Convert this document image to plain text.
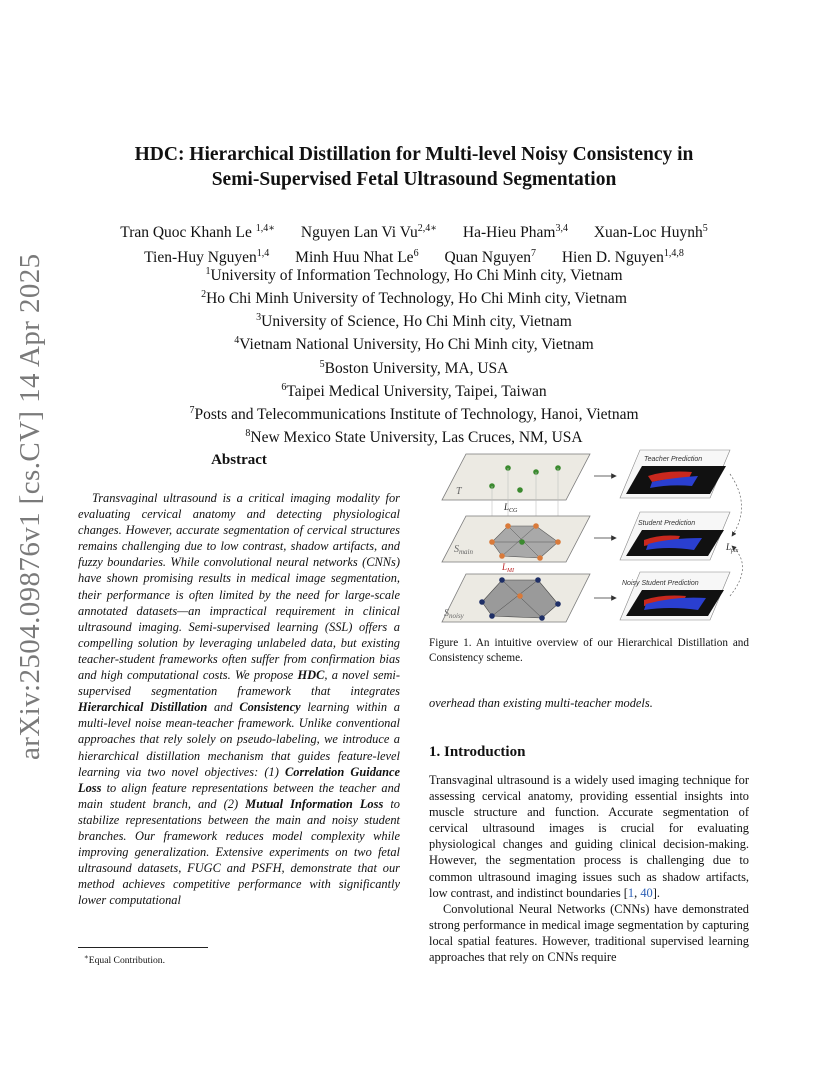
arXiv:2504.09876v1 [cs.CV] 14 Apr 2025
HDC: Hierarchical Distillation for Multi-level Noisy Consistency in
Semi-Supervised Fetal Ultrasound Segmentation
Tran Quoc Khanh Le $^{1,4∗}$ Nguyen Lan Vi $Vu^{2,4∗}$ Ha-Hieu Pham$^{3,4}$ Xuan-Loc Huynh$^5$
Tien-Huy Nguyen$^{1,4}$ Minh Huu Nhat Le$^6$ Quan Nguyen$^7$ Hien D. Nguyen$^{1,4,8}$
$^1$University of Information Technology, Ho Chi Minh city, Vietnam
$^2$Ho Chi Minh University of Technology, Ho Chi Minh city, Vietnam
$^3$University of Science, Ho Chi Minh city, Vietnam
$^4$Vietnam National University, Ho Chi Minh city, Vietnam
$^5$Boston University, MA, USA
$^6$Taipei Medical University, Taipei, Taiwan
$^7$Posts and Telecommunications Institute of Technology, Hanoi, Vietnam
$^8$New Mexico State University, Las Cruces, NM, USA
Abstract

Transvaginal ultrasound is a critical imaging modality for evaluating cervical anatomy and detecting physiological changes. However, accurate segmentation of cervical structures remains challenging due to low contrast, shadow artifacts, and fuzzy boundaries. While convolutional neural networks (CNNs) have shown promising results in medical image segmentation, their performance is often limited by the need for large-scale annotated datasets—an impractical requirement in clinical ultrasound imaging. Semi-supervised learning (SSL) offers a compelling solution by leveraging unlabeled data, but existing teacher-student frameworks often suffer from confirmation bias and high computational costs. We propose HDC, a novel semi-supervised segmentation framework that integrates Hierarchical Distillation and Consistency learning within a multi-level noise mean-teacher framework. Unlike conventional approaches that rely solely on pseudo-labeling, we introduce a hierarchical distillation mechanism that guides feature-level learning via two novel objectives: (1) Correlation Guidance Loss to align feature representations between the teacher and main student branch, and (2) Mutual Information Loss to stabilize representations between the main and noisy student branches. Our framework reduces model complexity while improving generalization. Extensive experiments on two fetal ultrasound datasets, FUGC and PSFH, demonstrate that our method achieves competitive performance with significantly lower computational

∗Equal Contribution.
T
$L_{CG}$
$S_{main}$
$L_{MI}$
$S_{noisy}$
Teacher Prediction
Student Prediction
Noisy Student Prediction
$L_{pix}$
Figure 1. An intuitive overview of our Hierarchical Distillation and Consistency scheme.
overhead than existing multi-teacher models.
1. Introduction

Transvaginal ultrasound is a widely used imaging technique for assessing cervical anatomy, providing essential insights into muscle structure and function. Accurate segmentation of cervical ultrasound images is crucial for evaluating physiological changes and guiding clinical decision-making. However, the segmentation process is challenging due to common ultrasound imaging issues such as shadow artifacts, low contrast, and indistinct boundaries [1, 40].

Convolutional Neural Networks (CNNs) have demonstrated strong performance in medical image segmentation by capturing local spatial features. However, traditional supervised learning approaches that rely on CNNs require
